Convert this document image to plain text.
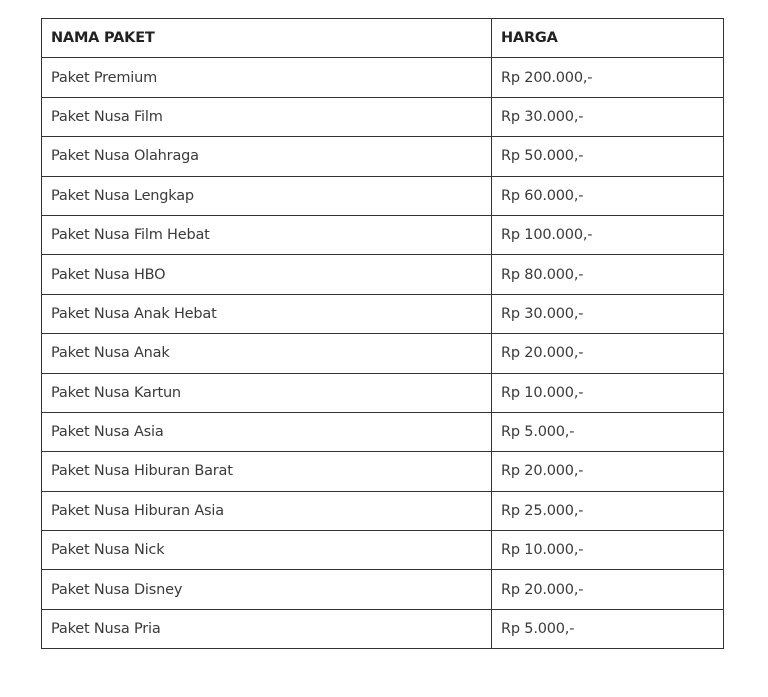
NAMA PAKET	HARGA
Paket Premium	Rp 200.000,-
Paket Nusa Film	Rp 30.000,-
Paket Nusa Olahraga	Rp 50.000,-
Paket Nusa Lengkap	Rp 60.000,-
Paket Nusa Film Hebat	Rp 100.000,-
Paket Nusa HBO	Rp 80.000,-
Paket Nusa Anak Hebat	Rp 30.000,-
Paket Nusa Anak	Rp 20.000,-
Paket Nusa Kartun	Rp 10.000,-
Paket Nusa Asia	Rp 5.000,-
Paket Nusa Hiburan Barat	Rp 20.000,-
Paket Nusa Hiburan Asia	Rp 25.000,-
Paket Nusa Nick	Rp 10.000,-
Paket Nusa Disney	Rp 20.000,-
Paket Nusa Pria	Rp 5.000,-
